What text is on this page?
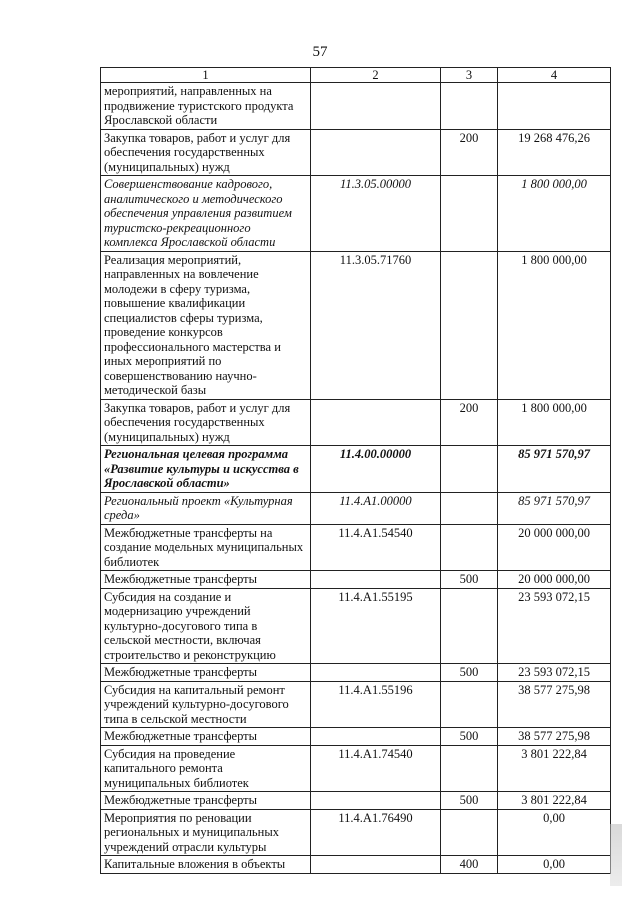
57
1	2	3	4
мероприятий, направленных на продвижение туристского продукта Ярославской области			
Закупка товаров, работ и услуг для обеспечения государственных (муниципальных) нужд		200	19 268 476,26
Совершенствование кадрового, аналитического и методического обеспечения управления развитием туристско-рекреационного комплекса Ярославской области	11.3.05.00000		1 800 000,00
Реализация мероприятий, направленных на вовлечение молодежи в сферу туризма, повышение квалификации специалистов сферы туризма, проведение конкурсов профессионального мастерства и иных мероприятий по совершенствованию научно-методической базы	11.3.05.71760		1 800 000,00
Закупка товаров, работ и услуг для обеспечения государственных (муниципальных) нужд		200	1 800 000,00
Региональная целевая программа «Развитие культуры и искусства в Ярославской области»	11.4.00.00000		85 971 570,97
Региональный проект «Культурная среда»	11.4.A1.00000		85 971 570,97
Межбюджетные трансферты на создание модельных муниципальных библиотек	11.4.A1.54540		20 000 000,00
Межбюджетные трансферты		500	20 000 000,00
Субсидия на создание и модернизацию учреждений культурно-досугового типа в сельской местности, включая строительство и реконструкцию	11.4.A1.55195		23 593 072,15
Межбюджетные трансферты		500	23 593 072,15
Субсидия на капитальный ремонт учреждений культурно-досугового типа в сельской местности	11.4.A1.55196		38 577 275,98
Межбюджетные трансферты		500	38 577 275,98
Субсидия на проведение капитального ремонта муниципальных библиотек	11.4.A1.74540		3 801 222,84
Межбюджетные трансферты		500	3 801 222,84
Мероприятия по реновации региональных и муниципальных учреждений отрасли культуры	11.4.A1.76490		0,00
Капитальные вложения в объекты		400	0,00
